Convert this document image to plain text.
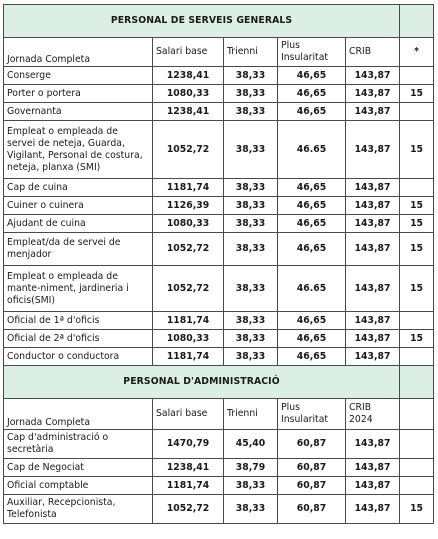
PERSONAL DE SERVEIS GENERALS					
Jornada Completa	Salari base	Trienni	Plus Insularitat	CRIB	*
Conserge	1238,41	38,33	46,65	143,87	
Porter o portera	1080,33	38,33	46,65	143,87	15
Governanta	1238,41	38,33	46,65	143,87	
Empleat o empleada de servei de neteja, Guarda, Vigilant, Personal de costura, neteja, planxa (SMI)	1052,72	38,33	46.65	143,87	15
Cap de cuina	1181,74	38,33	46,65	143,87	
Cuiner o cuinera	1126,39	38,33	46,65	143,87	15
Ajudant de cuina	1080,33	38,33	46,65	143,87	15
Empleat/da de servei de menjador	1052,72	38,33	46,65	143,87	15
Empleat o empleada de mante-niment, jardineria i oficis(SMI)	1052,72	38,33	46.65	143,87	15
Oficial de 1ª d'oficis	1181,74	38,33	46,65	143,87	
Oficial de 2ª d'oficis	1080,33	38,33	46,65	143,87	15
Conductor o conductora	1181,74	38,33	46,65	143,87	
PERSONAL D'ADMINISTRACIÓ					
Jornada Completa	Salari base	Trienni	Plus Insularitat	CRIB 2024	
Cap d'administració o secretària	1470,79	45,40	60,87	143,87	
Cap de Negociat	1238,41	38,79	60,87	143,87	
Oficial comptable	1181,74	38,33	60,87	143,87	
Auxiliar, Recepcionista, Telefonista	1052,72	38,33	60,87	143,87	15
